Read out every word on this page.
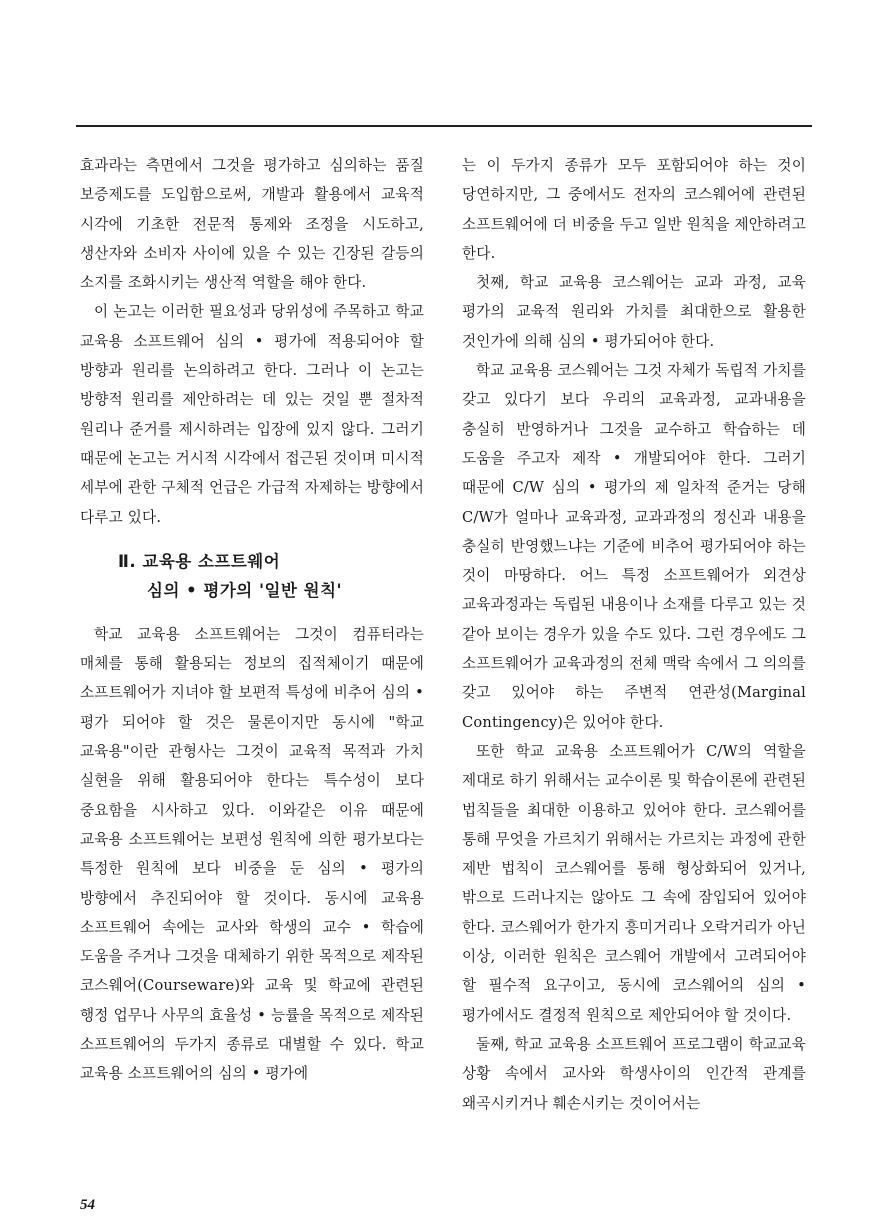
효과라는 측면에서 그것을 평가하고 심의하는 품질 보증제도를 도입함으로써, 개발과 활용에서 교육적 시각에 기초한 전문적 통제와 조정을 시도하고, 생산자와 소비자 사이에 있을 수 있는 긴장된 갈등의 소지를 조화시키는 생산적 역할을 해야 한다.

이 논고는 이러한 필요성과 당위성에 주목하고 학교 교육용 소프트웨어 심의 • 평가에 적용되어야 할 방향과 원리를 논의하려고 한다. 그러나 이 논고는 방향적 원리를 제안하려는 데 있는 것일 뿐 절차적 원리나 준거를 제시하려는 입장에 있지 않다. 그러기 때문에 논고는 거시적 시각에서 접근된 것이며 미시적 세부에 관한 구체적 언급은 가급적 자제하는 방향에서 다루고 있다.

Ⅱ. 교육용 소프트웨어
심의 • 평가의 '일반 원칙'

학교 교육용 소프트웨어는 그것이 컴퓨터라는 매체를 통해 활용되는 정보의 집적체이기 때문에 소프트웨어가 지녀야 할 보편적 특성에 비추어 심의 • 평가 되어야 할 것은 물론이지만 동시에 "학교 교육용"이란 관형사는 그것이 교육적 목적과 가치 실현을 위해 활용되어야 한다는 특수성이 보다 중요함을 시사하고 있다. 이와같은 이유 때문에 교육용 소프트웨어는 보편성 원칙에 의한 평가보다는 특정한 원칙에 보다 비중을 둔 심의 • 평가의 방향에서 추진되어야 할 것이다. 동시에 교육용 소프트웨어 속에는 교사와 학생의 교수 • 학습에 도움을 주거나 그것을 대체하기 위한 목적으로 제작된 코스웨어(Courseware)와 교육 및 학교에 관련된 행정 업무나 사무의 효율성 • 능률을 목적으로 제작된 소프트웨어의 두가지 종류로 대별할 수 있다. 학교 교육용 소프트웨어의 심의 • 평가에

는 이 두가지 종류가 모두 포함되어야 하는 것이 당연하지만, 그 중에서도 전자의 코스웨어에 관련된 소프트웨어에 더 비중을 두고 일반 원칙을 제안하려고 한다.

첫째, 학교 교육용 코스웨어는 교과 과정, 교육 평가의 교육적 원리와 가치를 최대한으로 활용한 것인가에 의해 심의 • 평가되어야 한다.

학교 교육용 코스웨어는 그것 자체가 독립적 가치를 갖고 있다기 보다 우리의 교육과정, 교과내용을 충실히 반영하거나 그것을 교수하고 학습하는 데 도움을 주고자 제작 • 개발되어야 한다. 그러기 때문에 C/W 심의 • 평가의 제 일차적 준거는 당해 C/W가 얼마나 교육과정, 교과과정의 정신과 내용을 충실히 반영했느냐는 기준에 비추어 평가되어야 하는 것이 마땅하다. 어느 특정 소프트웨어가 외견상 교육과정과는 독립된 내용이나 소재를 다루고 있는 것 같아 보이는 경우가 있을 수도 있다. 그런 경우에도 그 소프트웨어가 교육과정의 전체 맥락 속에서 그 의의를 갖고 있어야 하는 주변적 연관성(Marginal Contingency)은 있어야 한다.

또한 학교 교육용 소프트웨어가 C/W의 역할을 제대로 하기 위해서는 교수이론 및 학습이론에 관련된 법칙들을 최대한 이용하고 있어야 한다. 코스웨어를 통해 무엇을 가르치기 위해서는 가르치는 과정에 관한 제반 법칙이 코스웨어를 통해 형상화되어 있거나, 밖으로 드러나지는 않아도 그 속에 잠입되어 있어야 한다. 코스웨어가 한가지 흥미거리나 오락거리가 아닌 이상, 이러한 원칙은 코스웨어 개발에서 고려되어야 할 필수적 요구이고, 동시에 코스웨어의 심의 • 평가에서도 결정적 원칙으로 제안되어야 할 것이다.

둘째, 학교 교육용 소프트웨어 프로그램이 학교교육 상황 속에서 교사와 학생사이의 인간적 관계를 왜곡시키거나 훼손시키는 것이어서는

54
